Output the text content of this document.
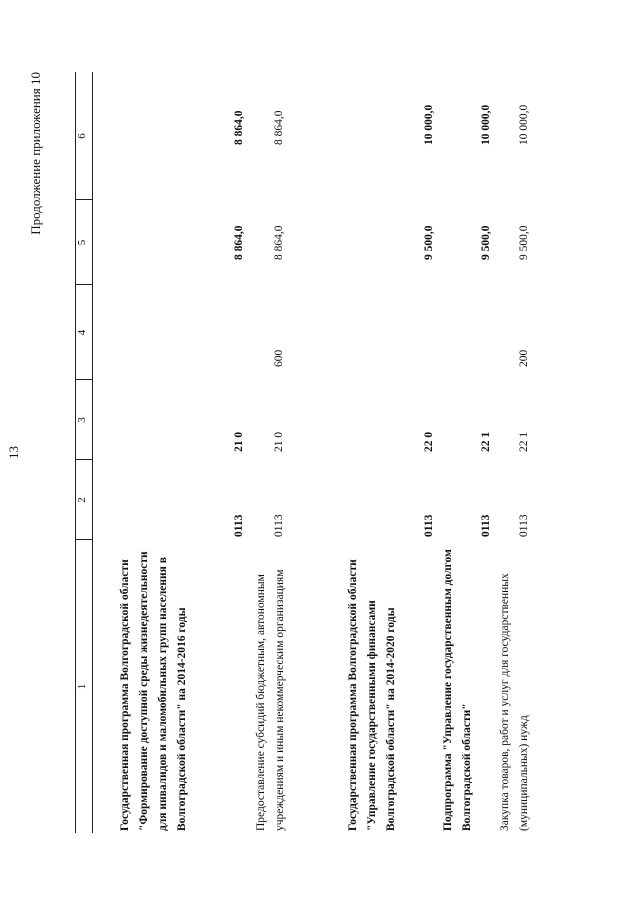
13
Продолжение приложения 10
1
2
3
4
5
6
Государственная программа Волгоградской области "Формирование доступной среды жизнедеятельности для инвалидов и маломобильных групп населения в Волгоградской области" на 2014-2016 годы
0113
21 0
8 864,0
8 864,0
Предоставление субсидий бюджетным, автономным учреждениям и иным некоммерческим организациям
0113
21 0
600
8 864,0
8 864,0
Государственная программа Волгоградской области "Управление государственными финансами Волгоградской области" на 2014-2020 годы
0113
22 0
9 500,0
10 000,0
Подпрограмма "Управление государственным долгом Волгоградской области"
0113
22 1
9 500,0
10 000,0
Закупка товаров, работ и услуг для государственных (муниципальных) нужд
0113
22 1
200
9 500,0
10 000,0
